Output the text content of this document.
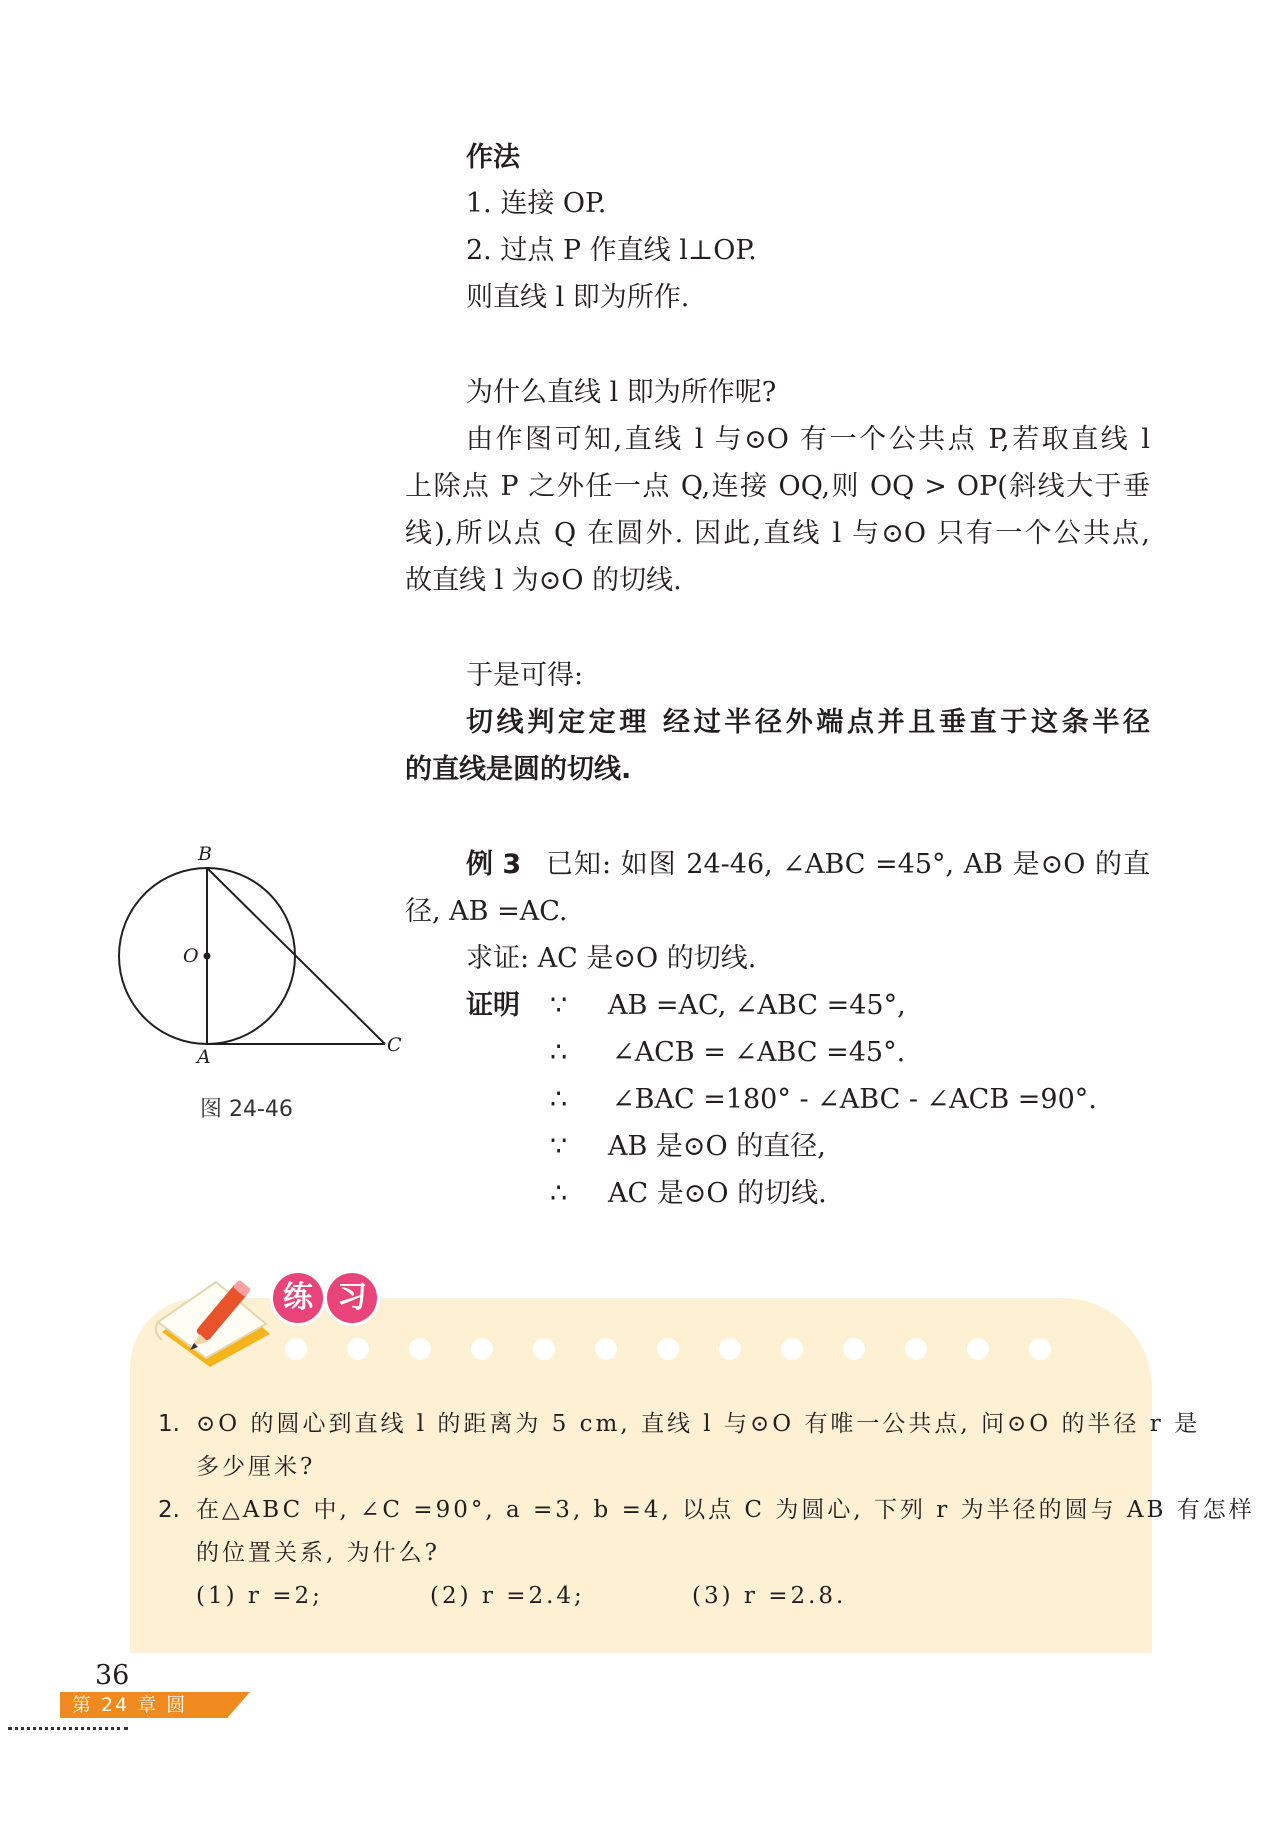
作法
1. 连接 OP.
2. 过点 P 作直线 l⊥OP.
则直线 l 即为所作.
为什么直线 l 即为所作呢?
由作图可知,直线 l 与⊙O 有一个公共点 P,若取直线 l
上除点 P 之外任一点 Q,连接 OQ,则 OQ > OP(斜线大于垂
线),所以点 Q 在圆外. 因此,直线 l 与⊙O 只有一个公共点,
故直线 l 为⊙O 的切线.
于是可得:
切线判定定理 经过半径外端点并且垂直于这条半径
的直线是圆的切线.
例 3 已知: 如图 24-46, ∠ABC =45°, AB 是⊙O 的直
径, AB =AC.
求证: AC 是⊙O 的切线.
证明 ∵ AB =AC, ∠ABC =45°,
∴ ∠ACB = ∠ABC =45°.
∴ ∠BAC =180° - ∠ABC - ∠ACB =90°.
∵ AB 是⊙O 的直径,
∴ AC 是⊙O 的切线.
B
O
A
C
图 24-46
练 习
1. ⊙O 的圆心到直线 l 的距离为 5 cm, 直线 l 与⊙O 有唯一公共点, 问⊙O 的半径 r 是
多少厘米?
2. 在△ABC 中, ∠C =90°, a =3, b =4, 以点 C 为圆心, 下列 r 为半径的圆与 AB 有怎样
的位置关系, 为什么?
(1) r =2;	(2) r =2.4;	(3) r =2.8.
36
第 24 章 圆
